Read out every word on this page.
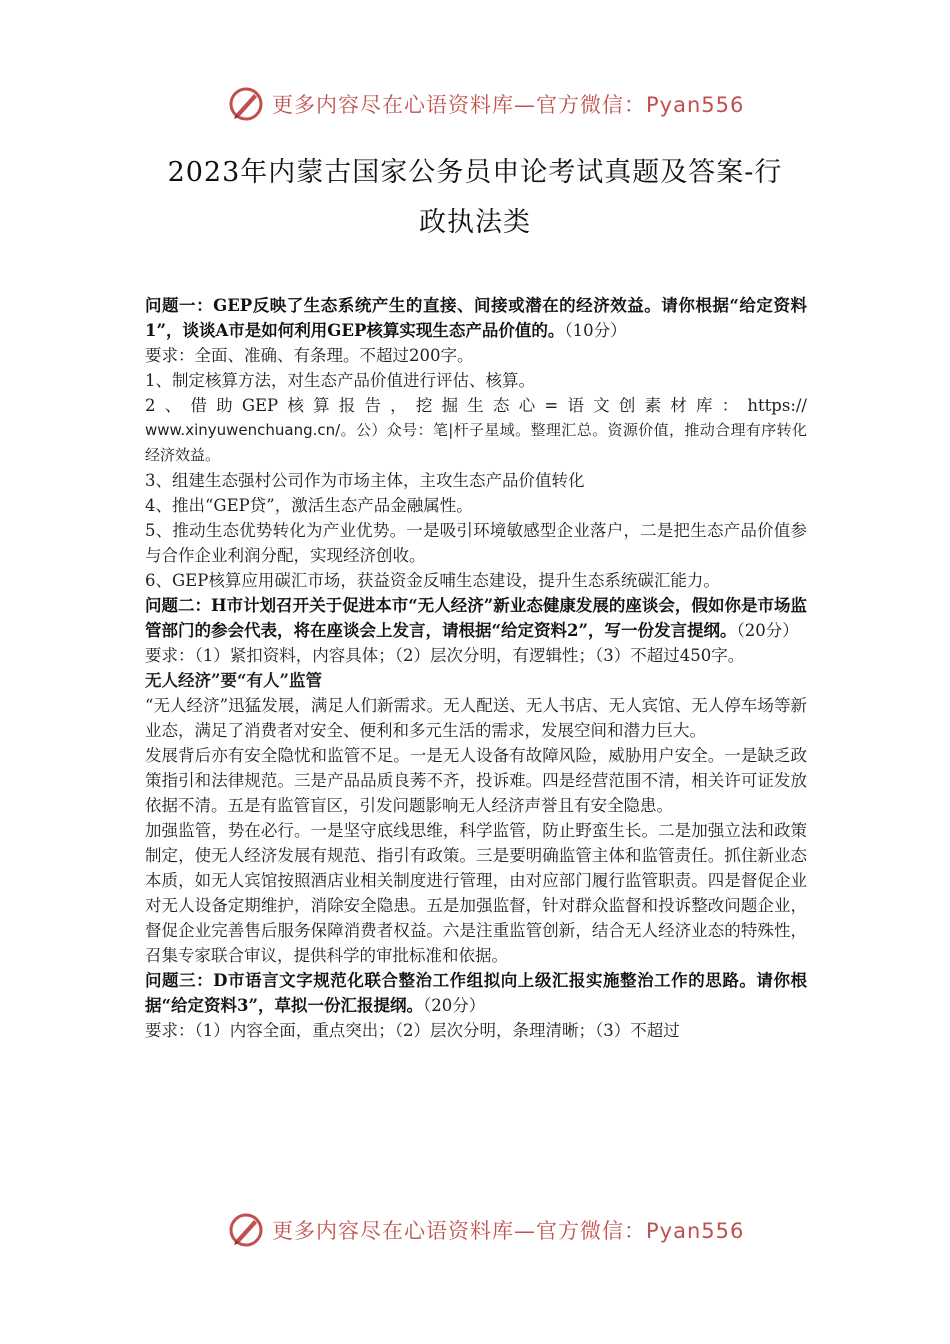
更多内容尽在心语资料库—官方微信：Pyan556
2023年内蒙古国家公务员申论考试真题及答案-行
政执法类

问题一：GEP反映了生态系统产生的直接、间接或潜在的经济效益。请你根据“给定资料1”，谈谈A市是如何利用GEP核算实现生态产品价值的。（10分）

要求：全面、准确、有条理。不超过200字。

1、制定核算方法，对生态产品价值进行评估、核算。

2、借助GEP核算报告，挖掘生态心=语文创素材库：https://

www.xinyuwenchuang.cn/。公）众号：笔|杆子星域。整理汇总。资源价值，推动合理有序转化经济效益。

3、组建生态强村公司作为市场主体，主攻生态产品价值转化

4、推出“GEP贷”，激活生态产品金融属性。

5、推动生态优势转化为产业优势。一是吸引环境敏感型企业落户，二是把生态产品价值参与合作企业利润分配，实现经济创收。

6、GEP核算应用碳汇市场，获益资金反哺生态建设，提升生态系统碳汇能力。

问题二：H市计划召开关于促进本市“无人经济”新业态健康发展的座谈会，假如你是市场监管部门的参会代表，将在座谈会上发言，请根据“给定资料2”，写一份发言提纲。（20分）

要求：（1）紧扣资料，内容具体；（2）层次分明，有逻辑性；（3）不超过450字。

无人经济”要“有人”监管

“无人经济”迅猛发展，满足人们新需求。无人配送、无人书店、无人宾馆、无人停车场等新业态，满足了消费者对安全、便利和多元生活的需求，发展空间和潜力巨大。

发展背后亦有安全隐忧和监管不足。一是无人设备有故障风险，威胁用户安全。一是缺乏政策指引和法律规范。三是产品品质良莠不齐，投诉难。四是经营范围不清，相关许可证发放依据不清。五是有监管盲区，引发问题影响无人经济声誉且有安全隐患。

加强监管，势在必行。一是坚守底线思维，科学监管，防止野蛮生长。二是加强立法和政策制定，使无人经济发展有规范、指引有政策。三是要明确监管主体和监管责任。抓住新业态本质，如无人宾馆按照酒店业相关制度进行管理，由对应部门履行监管职责。四是督促企业对无人设备定期维护，消除安全隐患。五是加强监督，针对群众监督和投诉整改问题企业，督促企业完善售后服务保障消费者权益。六是注重监管创新，结合无人经济业态的特殊性，召集专家联合审议，提供科学的审批标准和依据。

问题三：D市语言文字规范化联合整治工作组拟向上级汇报实施整治工作的思路。请你根据“给定资料3”，草拟一份汇报提纲。（20分）

要求：（1）内容全面，重点突出；（2）层次分明，条理清晰；（3）不超过

更多内容尽在心语资料库—官方微信：Pyan556
